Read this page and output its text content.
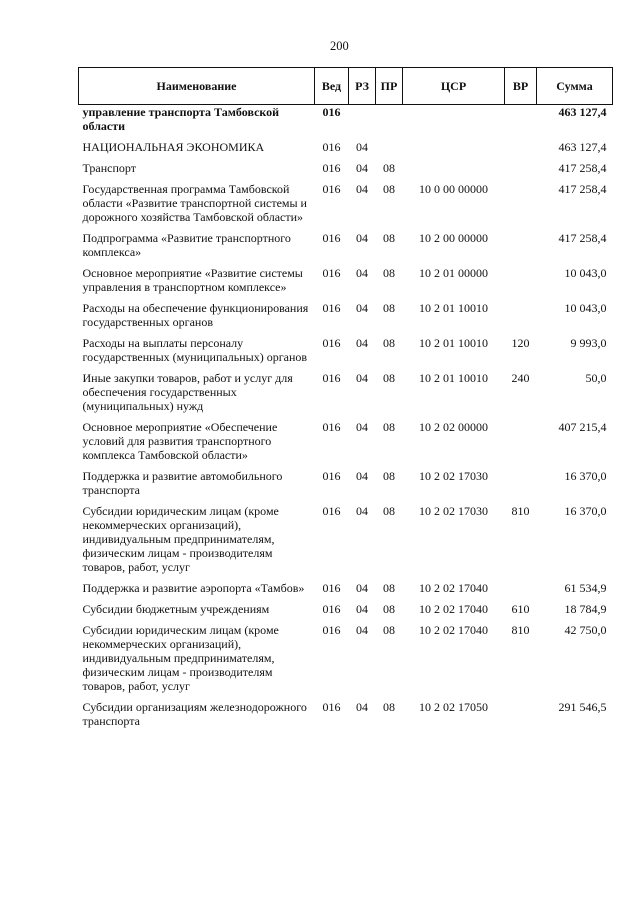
200
Наименование	Вед	РЗ	ПР	ЦСР	ВР	Сумма
управление транспорта Тамбовской области	016					463 127,4
НАЦИОНАЛЬНАЯ ЭКОНОМИКА	016	04				463 127,4
Транспорт	016	04	08			417 258,4
Государственная программа Тамбовской области «Развитие транспортной системы и дорожного хозяйства Тамбовской области»	016	04	08	10 0 00 00000		417 258,4
Подпрограмма «Развитие транспортного комплекса»	016	04	08	10 2 00 00000		417 258,4
Основное мероприятие «Развитие системы управления в транспортном комплексе»	016	04	08	10 2 01 00000		10 043,0
Расходы на обеспечение функционирования государственных органов	016	04	08	10 2 01 10010		10 043,0
Расходы на выплаты персоналу государственных (муниципальных) органов	016	04	08	10 2 01 10010	120	9 993,0
Иные закупки товаров, работ и услуг для обеспечения государственных (муниципальных) нужд	016	04	08	10 2 01 10010	240	50,0
Основное мероприятие «Обеспечение условий для развития транспортного комплекса Тамбовской области»	016	04	08	10 2 02 00000		407 215,4
Поддержка и развитие автомобильного транспорта	016	04	08	10 2 02 17030		16 370,0
Субсидии юридическим лицам (кроме некоммерческих организаций), индивидуальным предпринимателям, физическим лицам - производителям товаров, работ, услуг	016	04	08	10 2 02 17030	810	16 370,0
Поддержка и развитие аэропорта «Тамбов»	016	04	08	10 2 02 17040		61 534,9
Субсидии бюджетным учреждениям	016	04	08	10 2 02 17040	610	18 784,9
Субсидии юридическим лицам (кроме некоммерческих организаций), индивидуальным предпринимателям, физическим лицам - производителям товаров, работ, услуг	016	04	08	10 2 02 17040	810	42 750,0
Субсидии организациям железнодорожного транспорта	016	04	08	10 2 02 17050		291 546,5
